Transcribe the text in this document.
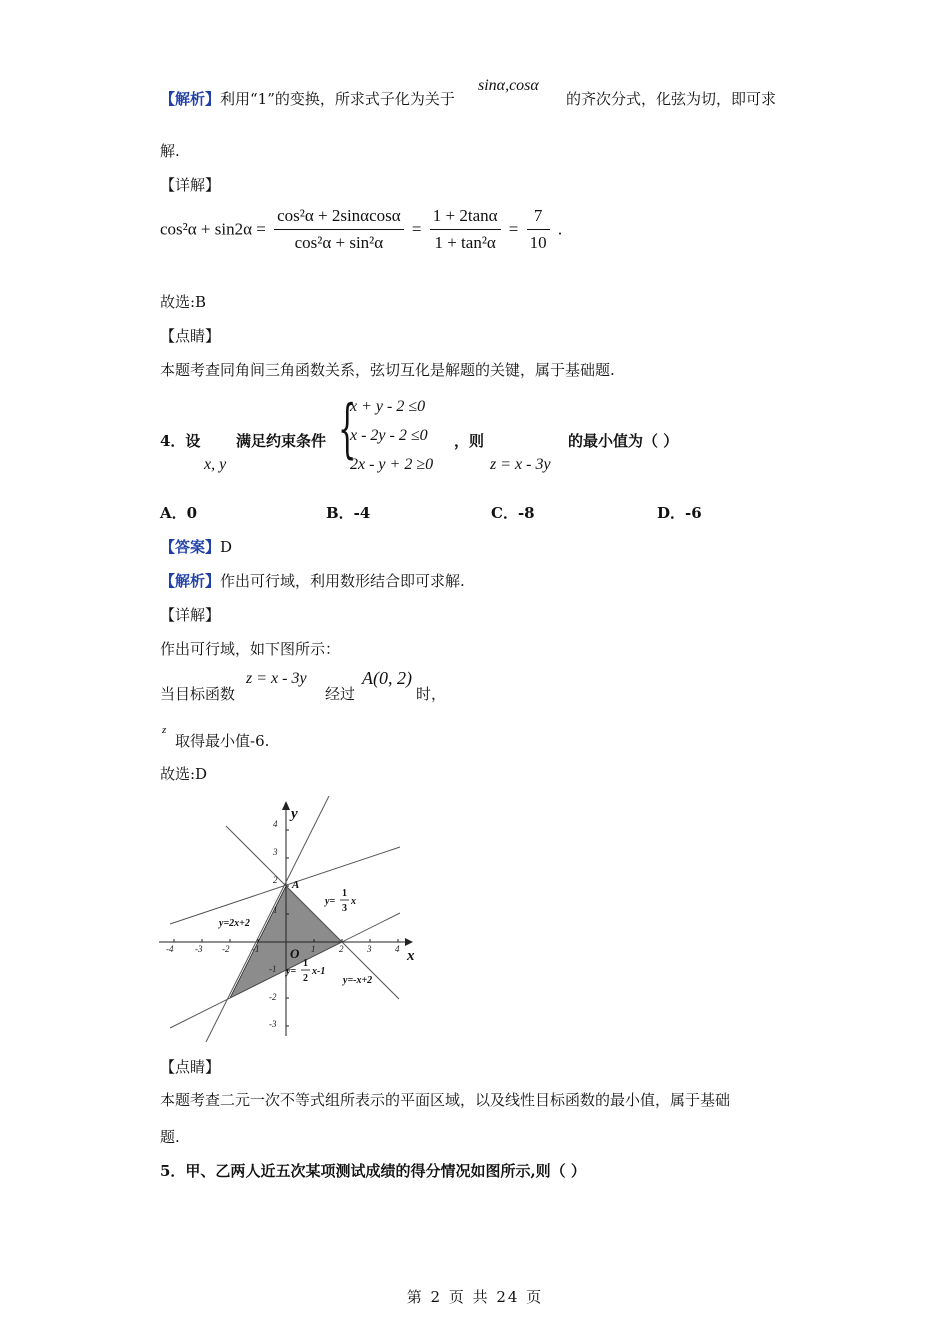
【解析】利用“1”的变换，所求式子化为关于
sinα,cosα
的齐次分式，化弦为切，即可求
解.
【详解】
$\cos^2\alpha + \sin 2\alpha = \frac{\text{cos²α + 2sinαcosα}}{\text{cos²α + sin²α}} = \frac{1 + 2\tan\alpha}{\text{1 + tan²α}} = \frac{7}{10}$ .
故选:B
【点睛】
本题考查同角间三角函数关系，弦切互化是解题的关键，属于基础题.
4．设
x, y
满足约束条件 {
x + y - 2 ≤0
x - 2y - 2 ≤0
2x - y + 2 ≥0
，则
z = x - 3y
的最小值为（ ）
A．0	B．-4	C．-8	D．-6
【答案】D
【解析】作出可行域，利用数形结合即可求解.
【详解】
作出可行域，如下图所示：
当目标函数
z = x - 3y
经过
A(0, 2)
时，
z
取得最小值-6.
故选:D
-4 -3 -2	-1	1	2	3	4
4
3
2
1
-1
-2
-3
x
y
O
A
y=2x+2
y=
1
3
x
y=
1
2
x-1
y=-x+2
【点睛】
本题考查二元一次不等式组所表示的平面区域，以及线性目标函数的最小值，属于基础
题.
5．甲、乙两人近五次某项测试成绩的得分情况如图所示,则（ ）
第 2 页 共 24 页
